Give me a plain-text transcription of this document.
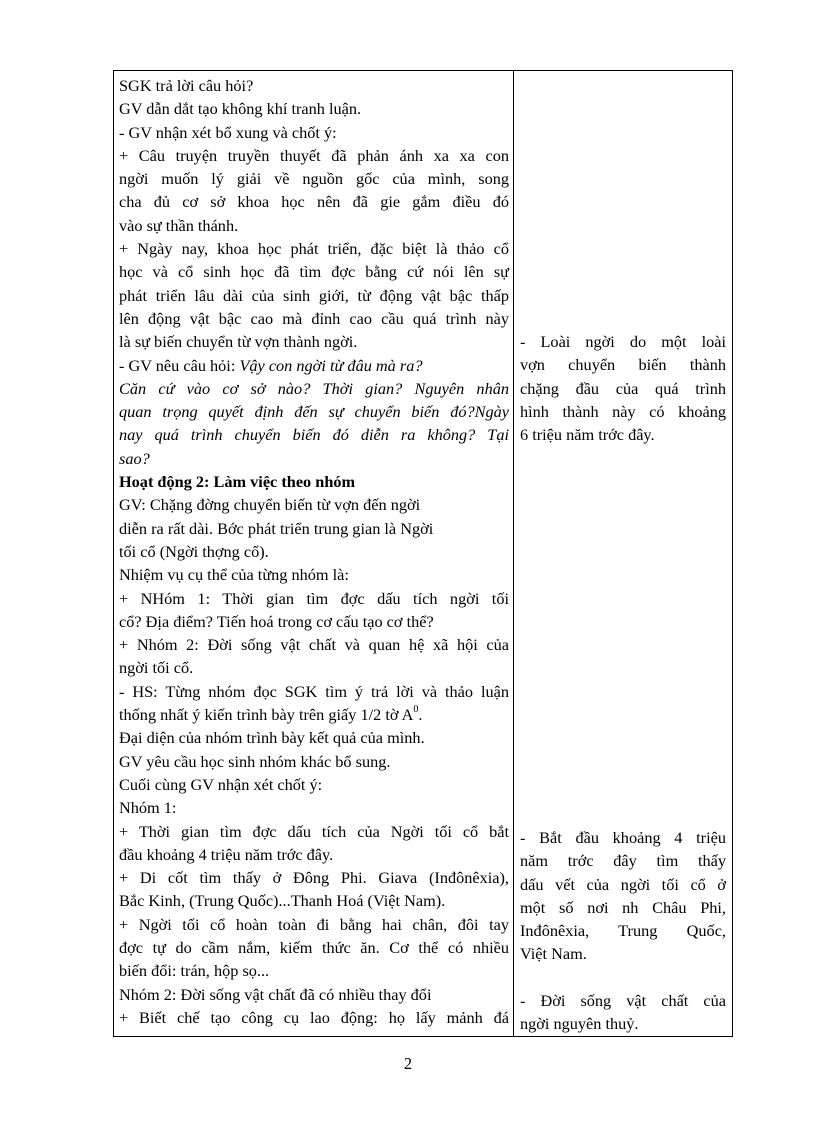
SGK trả lời câu hỏi?
GV dẫn dắt tạo không khí tranh luận.
- GV nhận xét bổ xung và chốt ý:
+ Câu truyện truyền thuyết đã phản ánh xa xa con
ngời muốn lý giải về nguồn gốc của mình, song
cha đủ cơ sở khoa học nên đã gie gắm điều đó
vào sự thần thánh.
+ Ngày nay, khoa học phát triển, đặc biệt là thảo cổ
học và cổ sinh học đã tìm đợc bằng cứ nói lên sự
phát triển lâu dài của sinh giới, từ động vật bậc thấp
lên động vật bậc cao mà đỉnh cao cầu quá trình này
là sự biến chuyển từ vợn thành ngời.
- GV nêu câu hỏi: Vậy con ngời từ đâu mà ra?
Căn cứ vào cơ sở nào? Thời gian? Nguyên nhân
quan trọng quyết định đến sự chuyển biến đó?Ngày
nay quá trình chuyển biến đó diễn ra không? Tại
sao?
Hoạt động 2: Làm việc theo nhóm
GV: Chặng đờng chuyển biến từ vợn đến ngời
diễn ra rất dài. Bớc phát triển trung gian là Ngời
tối cổ (Ngời thợng cổ).
Nhiệm vụ cụ thể của từng nhóm là:
+ NHóm 1: Thời gian tìm đợc dấu tích ngời tối
cổ? Địa điểm? Tiến hoá trong cơ cấu tạo cơ thể?
+ Nhóm 2: Đời sống vật chất và quan hệ xã hội của
ngời tối cổ.
- HS: Từng nhóm đọc SGK tìm ý trả lời và thảo luận
thống nhất ý kiến trình bày trên giấy 1/2 tờ $A^0$.
Đại diện của nhóm trình bày kết quả của mình.
GV yêu cầu học sinh nhóm khác bổ sung.
Cuối cùng GV nhận xét chốt ý:
Nhóm 1:
+ Thời gian tìm đợc dấu tích của Ngời tối cổ bắt
đầu khoảng 4 triệu năm trớc đây.
+ Di cốt tìm thấy ở Đông Phi. Giava (Inđônêxia),
Bắc Kinh, (Trung Quốc)...Thanh Hoá (Việt Nam).
+ Ngời tối cổ hoàn toàn đi bằng hai chân, đôi tay
đợc tự do cầm nắm, kiếm thức ăn. Cơ thể có nhiều
biến đổi: trán, hộp sọ...
Nhóm 2: Đời sống vật chất đã có nhiều thay đổi
+ Biết chế tạo công cụ lao động: họ lấy mảnh đá
- Loài ngời do một loài
vợn chuyển biến thành
chặng đầu của quá trình
hình thành này có khoảng
6 triệu năm trớc đây.
- Bắt đầu khoảng 4 triệu
năm trớc đây tìm thấy
dấu vết của ngời tối cổ ở
một số nơi nh Châu Phi,
Inđônêxia, Trung Quốc,
Việt Nam.
- Đời sống vật chất của
ngời nguyên thuỷ.
2
